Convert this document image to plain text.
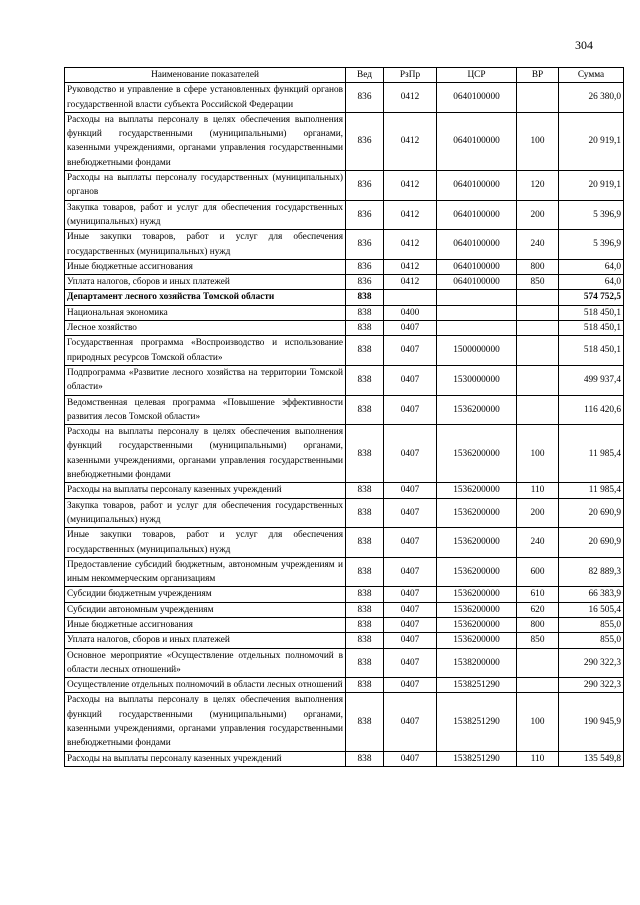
304
Наименование показателей	Вед	РзПр	ЦСР	ВР	Сумма
Руководство и управление в сфере установленных функций органов государственной власти субъекта Российской Федерации	836	0412	0640100000		26 380,0
Расходы на выплаты персоналу в целях обеспечения выполнения функций государственными (муниципальными) органами, казенными учреждениями, органами управления государственными внебюджетными фондами	836	0412	0640100000	100	20 919,1
Расходы на выплаты персоналу государственных (муниципальных) органов	836	0412	0640100000	120	20 919,1
Закупка товаров, работ и услуг для обеспечения государственных (муниципальных) нужд	836	0412	0640100000	200	5 396,9
Иные закупки товаров, работ и услуг для обеспечения государственных (муниципальных) нужд	836	0412	0640100000	240	5 396,9
Иные бюджетные ассигнования	836	0412	0640100000	800	64,0
Уплата налогов, сборов и иных платежей	836	0412	0640100000	850	64,0
Департамент лесного хозяйства Томской области	838				574 752,5
Национальная экономика	838	0400			518 450,1
Лесное хозяйство	838	0407			518 450,1
Государственная программа «Воспроизводство и использование природных ресурсов Томской области»	838	0407	1500000000		518 450,1
Подпрограмма «Развитие лесного хозяйства на территории Томской области»	838	0407	1530000000		499 937,4
Ведомственная целевая программа «Повышение эффективности развития лесов Томской области»	838	0407	1536200000		116 420,6
Расходы на выплаты персоналу в целях обеспечения выполнения функций государственными (муниципальными) органами, казенными учреждениями, органами управления государственными внебюджетными фондами	838	0407	1536200000	100	11 985,4
Расходы на выплаты персоналу казенных учреждений	838	0407	1536200000	110	11 985,4
Закупка товаров, работ и услуг для обеспечения государственных (муниципальных) нужд	838	0407	1536200000	200	20 690,9
Иные закупки товаров, работ и услуг для обеспечения государственных (муниципальных) нужд	838	0407	1536200000	240	20 690,9
Предоставление субсидий бюджетным, автономным учреждениям и иным некоммерческим организациям	838	0407	1536200000	600	82 889,3
Субсидии бюджетным учреждениям	838	0407	1536200000	610	66 383,9
Субсидии автономным учреждениям	838	0407	1536200000	620	16 505,4
Иные бюджетные ассигнования	838	0407	1536200000	800	855,0
Уплата налогов, сборов и иных платежей	838	0407	1536200000	850	855,0
Основное мероприятие «Осуществление отдельных полномочий в области лесных отношений»	838	0407	1538200000		290 322,3
Осуществление отдельных полномочий в области лесных отношений	838	0407	1538251290		290 322,3
Расходы на выплаты персоналу в целях обеспечения выполнения функций государственными (муниципальными) органами, казенными учреждениями, органами управления государственными внебюджетными фондами	838	0407	1538251290	100	190 945,9
Расходы на выплаты персоналу казенных учреждений	838	0407	1538251290	110	135 549,8
